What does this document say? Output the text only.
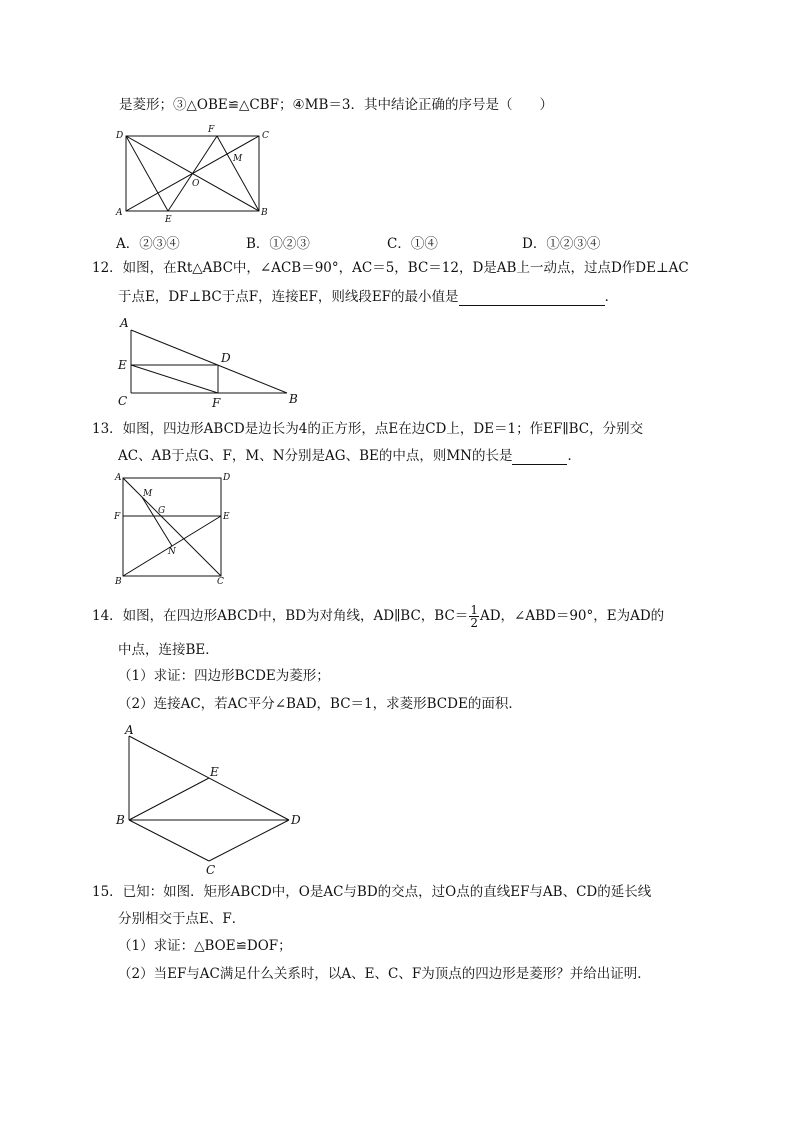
是菱形；③△OBE≌△CBF；④MB＝3．其中结论正确的序号是（　　）
D
F
C
M
O
A
E
B
A．②③④	B．①②③	C．①④	D．①②③④
12．如图，在Rt△ABC中，∠ACB＝90°，AC＝5，BC＝12，D是AB上一动点，过点D作DE⊥AC
于点E，DF⊥BC于点F，连接EF，则线段EF的最小值是	．
A
E	D
C	F	B
13．如图，四边形ABCD是边长为4的正方形，点E在边CD上，DE＝1；作EF∥BC，分别交
AC、AB于点G、F，M、N分别是AG、BE的中点，则MN的长是	．
A	D
M
G
F	E
N
B	C
14．如图，在四边形ABCD中，BD为对角线，AD∥BC，$BC= \frac{1}{2}$ AD，∠ABD＝90°，E为AD的
中点，连接BE．
（1）求证：四边形BCDE为菱形；
（2）连接AC，若AC平分∠BAD，BC＝1，求菱形BCDE的面积．
A
E
B	D
C
15．已知：如图．矩形ABCD中，O是AC与BD的交点，过O点的直线EF与AB、CD的延长线
分别相交于点E、F．
（1）求证：△BOE≌DOF；
（2）当EF与AC满足什么关系时，以A、E、C、F为顶点的四边形是菱形？并给出证明．
